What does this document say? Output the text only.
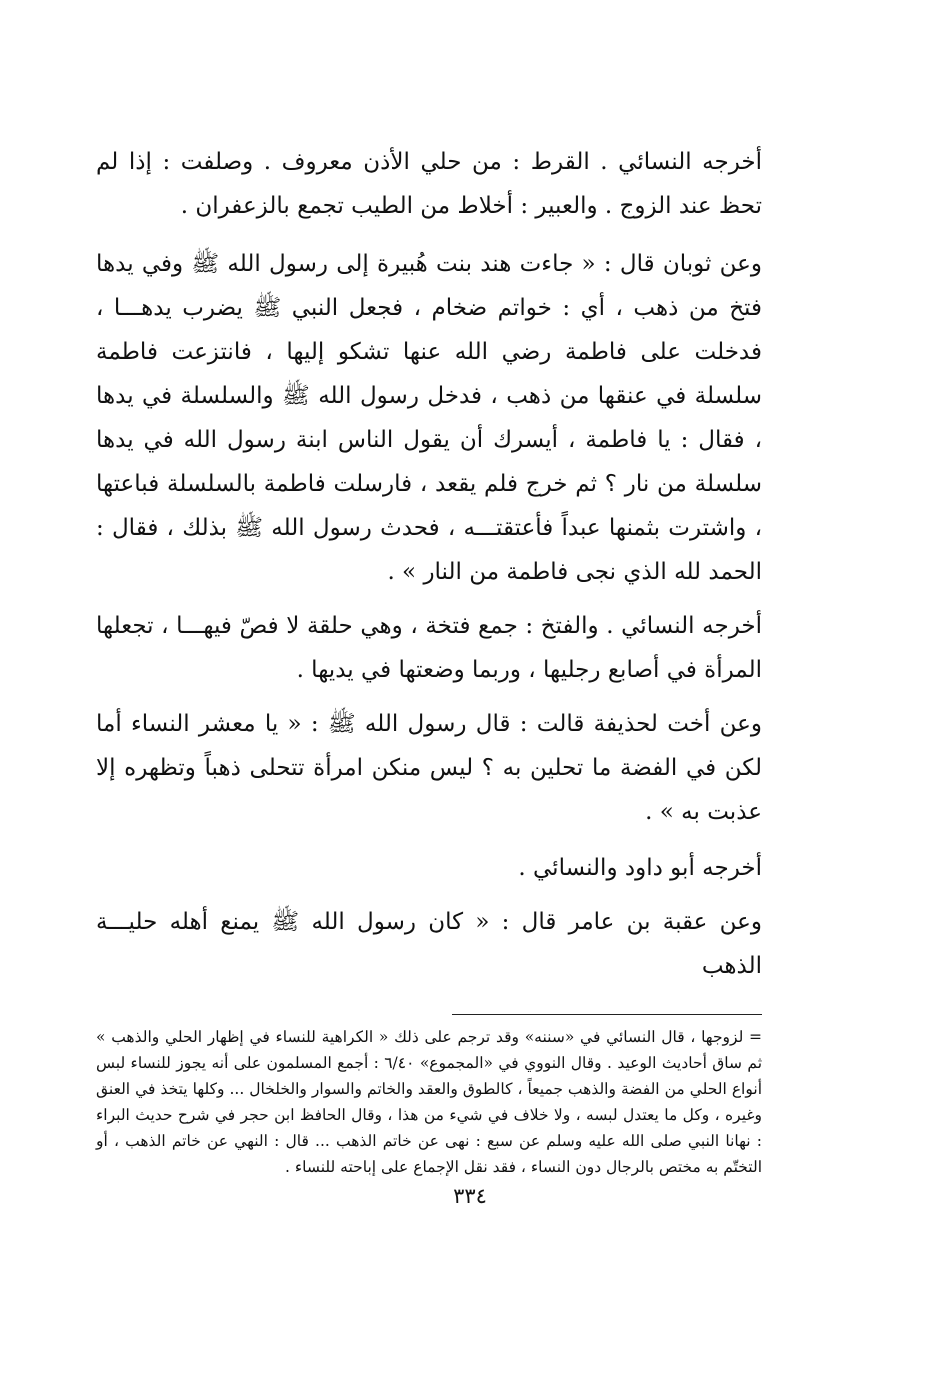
أخرجه النسائي . القرط : من حلي الأذن معروف . وصلفت : إذا لم تحظ عند الزوج . والعبير : أخلاط من الطيب تجمع بالزعفران .

وعن ثوبان قال : « جاءت هند بنت هُبيرة إلى رسول الله ﷺ وفي يدها فتخ من ذهب ، أي : خواتم ضخام ، فجعل النبي ﷺ يضرب يدهـــا ، فدخلت على فاطمة رضي الله عنها تشكو إليها ، فانتزعت فاطمة سلسلة في عنقها من ذهب ، فدخل رسول الله ﷺ والسلسلة في يدها ، فقال : يا فاطمة ، أيسرك أن يقول الناس ابنة رسول الله في يدها سلسلة من نار ؟ ثم خرج فلم يقعد ، فارسلت فاطمة بالسلسلة فباعتها ، واشترت بثمنها عبداً فأعتقتـــه ، فحدث رسول الله ﷺ بذلك ، فقال : الحمد لله الذي نجى فاطمة من النار » .

أخرجه النسائي . والفتخ : جمع فتخة ، وهي حلقة لا فصّ فيهـــا ، تجعلها المرأة في أصابع رجليها ، وربما وضعتها في يديها .

وعن أخت لحذيفة قالت : قال رسول الله ﷺ : « يا معشر النساء أما لكن في الفضة ما تحلين به ؟ ليس منكن امرأة تتحلى ذهباً وتظهره إلا عذبت به » .

أخرجه أبو داود والنسائي .

وعن عقبة بن عامر قال : « كان رسول الله ﷺ يمنع أهله حليـــة الذهب

= لزوجها ، قال النسائي في «سننه» وقد ترجم على ذلك « الكراهية للنساء في إظهار الحلي والذهب » ثم ساق أحاديث الوعيد . وقال النووي في «المجموع» ٦/٤٠ : أجمع المسلمون على أنه يجوز للنساء لبس أنواع الحلي من الفضة والذهب جميعاً ، كالطوق والعقد والخاتم والسوار والخلخال ... وكلها يتخذ في العنق وغيره ، وكل ما يعتدل لبسه ، ولا خلاف في شيء من هذا ، وقال الحافظ ابن حجر في شرح حديث البراء : نهانا النبي صلى الله عليه وسلم عن سبع : نهى عن خاتم الذهب ... قال : النهي عن خاتم الذهب ، أو التختّم به مختص بالرجال دون النساء ، فقد نقل الإجماع على إباحته للنساء .

٣٣٤
